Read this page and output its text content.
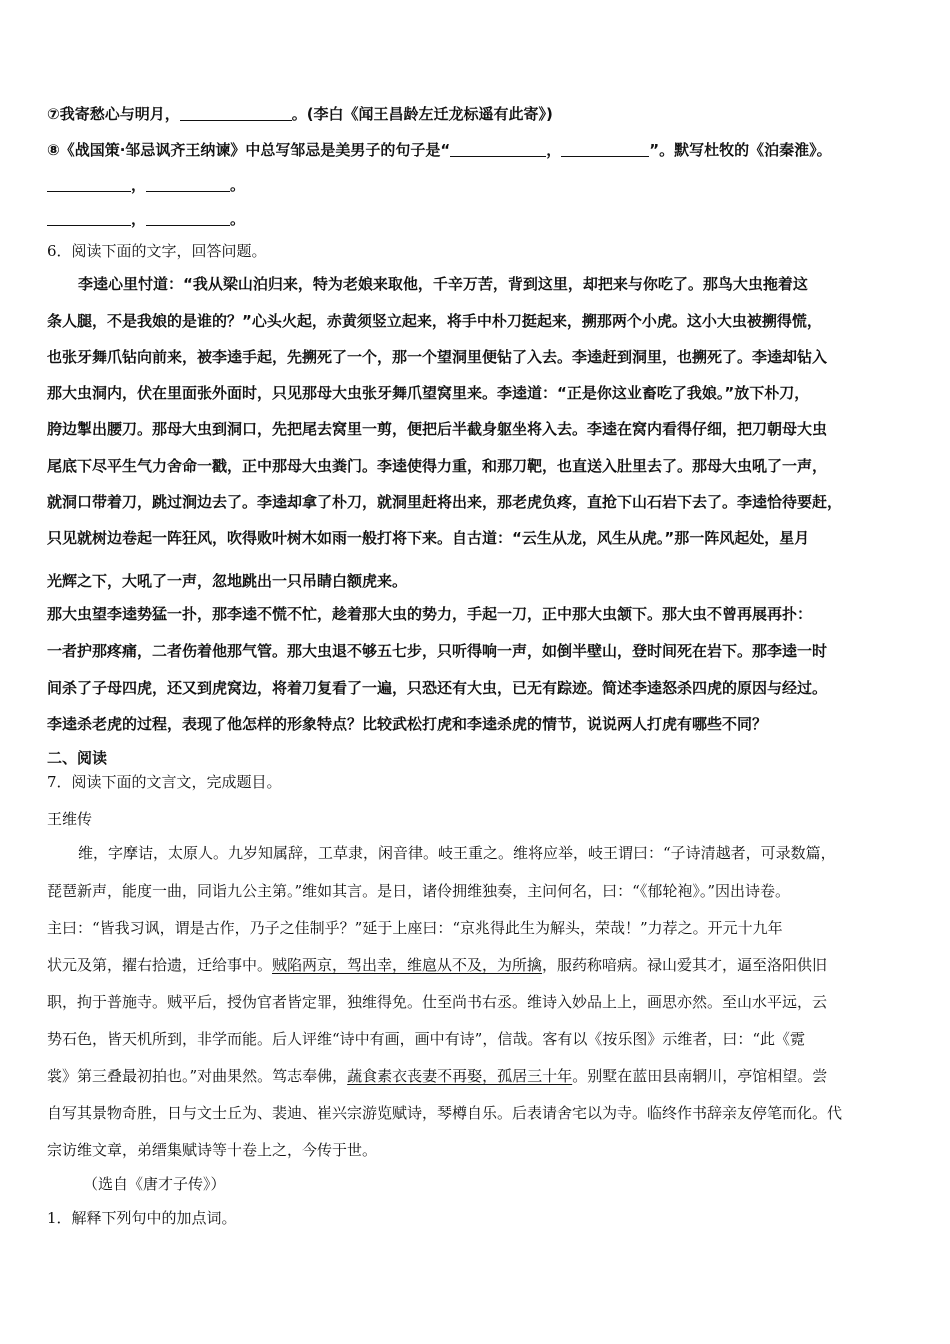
⑦我寄愁心与明月，	。(李白《闻王昌龄左迁龙标遥有此寄》)
⑧《战国策·邹忌讽齐王纳谏》中总写邹忌是美男子的句子是“	，	”。默写杜牧的《泊秦淮》。
，	。
，	。
6．阅读下面的文字，回答问题。
李逵心里忖道：“我从梁山泊归来，特为老娘来取他，千辛万苦，背到这里，却把来与你吃了。那鸟大虫拖着这
条人腿，不是我娘的是谁的？”心头火起，赤黄须竖立起来，将手中朴刀挺起来，搠那两个小虎。这小大虫被搠得慌，
也张牙舞爪钻向前来，被李逵手起，先搠死了一个，那一个望洞里便钻了入去。李逵赶到洞里，也搠死了。李逵却钻入
那大虫洞内，伏在里面张外面时，只见那母大虫张牙舞爪望窝里来。李逵道：“正是你这业畜吃了我娘。”放下朴刀，
胯边掣出腰刀。那母大虫到洞口，先把尾去窝里一剪，便把后半截身躯坐将入去。李逵在窝内看得仔细，把刀朝母大虫
尾底下尽平生气力舍命一戳，正中那母大虫粪门。李逵使得力重，和那刀靶，也直送入肚里去了。那母大虫吼了一声，
就洞口带着刀，跳过涧边去了。李逵却拿了朴刀，就洞里赶将出来，那老虎负疼，直抢下山石岩下去了。李逵恰待要赶，
只见就树边卷起一阵狂风，吹得败叶树木如雨一般打将下来。自古道：“云生从龙，风生从虎。”那一阵风起处，星月
光辉之下，大吼了一声，忽地跳出一只吊睛白额虎来。
那大虫望李逵势猛一扑，那李逵不慌不忙，趁着那大虫的势力，手起一刀，正中那大虫颔下。那大虫不曾再展再扑：
一者护那疼痛，二者伤着他那气管。那大虫退不够五七步，只听得响一声，如倒半壁山，登时间死在岩下。那李逵一时
间杀了子母四虎，还又到虎窝边，将着刀复看了一遍，只恐还有大虫，已无有踪迹。简述李逵怒杀四虎的原因与经过。
李逵杀老虎的过程，表现了他怎样的形象特点？比较武松打虎和李逵杀虎的情节，说说两人打虎有哪些不同？
二、阅读
7．阅读下面的文言文，完成题目。
王维传
维，字摩诘，太原人。九岁知属辞，工草隶，闲音律。岐王重之。维将应举，岐王谓曰：“子诗清越者，可录数篇，
琵琶新声，能度一曲，同诣九公主第。”维如其言。是日，诸伶拥维独奏，主问何名，曰：“《郁轮袍》。”因出诗卷。
主曰：“皆我习讽，谓是古作，乃子之佳制乎？”延于上座曰：“京兆得此生为解头，荣哉！”力荐之。开元十九年
状元及第，擢右拾遗，迁给事中。贼陷两京，驾出幸，维扈从不及，为所擒，服药称喑病。禄山爱其才，逼至洛阳供旧
职，拘于普施寺。贼平后，授伪官者皆定罪，独维得免。仕至尚书右丞。维诗入妙品上上，画思亦然。至山水平远，云
势石色，皆天机所到，非学而能。后人评维“诗中有画，画中有诗”，信哉。客有以《按乐图》示维者，曰：“此《霓
裳》第三叠最初拍也。”对曲果然。笃志奉佛，蔬食素衣丧妻不再娶，孤居三十年。别墅在蓝田县南辋川，亭馆相望。尝
自写其景物奇胜，日与文士丘为、裴迪、崔兴宗游览赋诗，琴樽自乐。后表请舍宅以为寺。临终作书辞亲友停笔而化。代
宗访维文章，弟缙集赋诗等十卷上之，今传于世。
（选自《唐才子传》）
1．解释下列句中的加点词。
